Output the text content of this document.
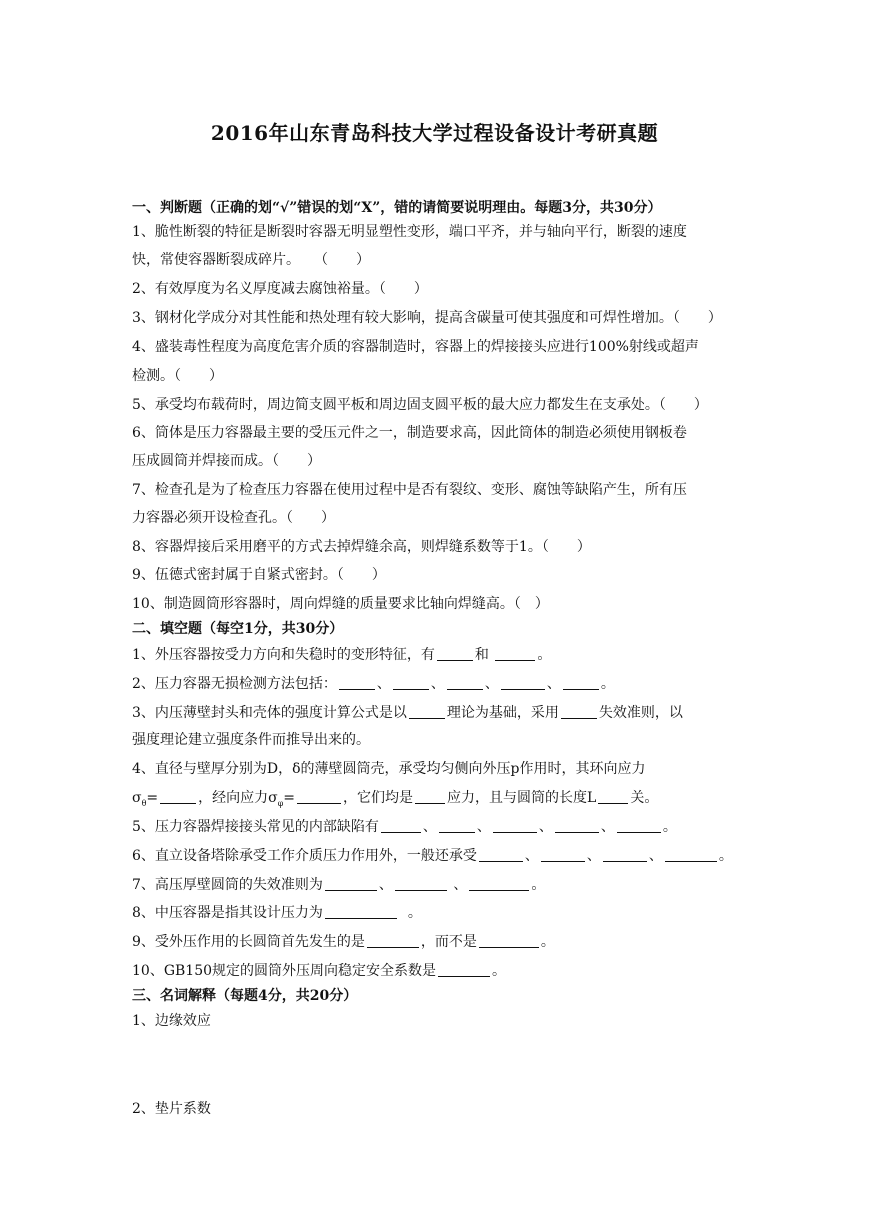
2016年山东青岛科技大学过程设备设计考研真题
一、判断题（正确的划“√”错误的划“X”，错的请简要说明理由。每题3分，共30分）
1、脆性断裂的特征是断裂时容器无明显塑性变形，端口平齐，并与轴向平行，断裂的速度
快，常使容器断裂成碎片。　　（　　）
2、有效厚度为名义厚度减去腐蚀裕量。（　　）
3、钢材化学成分对其性能和热处理有较大影响，提高含碳量可使其强度和可焊性增加。（　　）
4、盛装毒性程度为高度危害介质的容器制造时，容器上的焊接接头应进行100%射线或超声
检测。（　　）
5、承受均布载荷时，周边简支圆平板和周边固支圆平板的最大应力都发生在支承处。（　　）
6、筒体是压力容器最主要的受压元件之一，制造要求高，因此筒体的制造必须使用钢板卷
压成圆筒并焊接而成。（　　）
7、检查孔是为了检查压力容器在使用过程中是否有裂纹、变形、腐蚀等缺陷产生，所有压
力容器必须开设检查孔。（　　）
8、容器焊接后采用磨平的方式去掉焊缝余高，则焊缝系数等于1。（　　）
9、伍德式密封属于自紧式密封。（　　）
10、制造圆筒形容器时，周向焊缝的质量要求比轴向焊缝高。（　）
二、填空题（每空1分，共30分）
1、外压容器按受力方向和失稳时的变形特征，有	和	。
2、压力容器无损检测方法包括：	、	、	、	、	。
3、内压薄壁封头和壳体的强度计算公式是以	理论为基础，采用	失效准则，以
强度理论建立强度条件而推导出来的。
4、直径与壁厚分别为D，δ的薄壁圆筒壳，承受均匀侧向外压p作用时，其环向应力
$\sigma_\theta=$	，经向应力$\sigma_\varphi=$	，它们均是 应力，且与圆筒的长度L 关。
5、压力容器焊接接头常见的内部缺陷有	、	、	、	、	。
6、直立设备塔除承受工作介质压力作用外，一般还承受	、	、	、	。
7、高压厚壁圆筒的失效准则为	、	、	。
8、中压容器是指其设计压力为	。
9、受外压作用的长圆筒首先发生的是	，而不是	。
10、GB150规定的圆筒外压周向稳定安全系数是	。
三、名词解释（每题4分，共20分）
1、边缘效应
2、垫片系数
